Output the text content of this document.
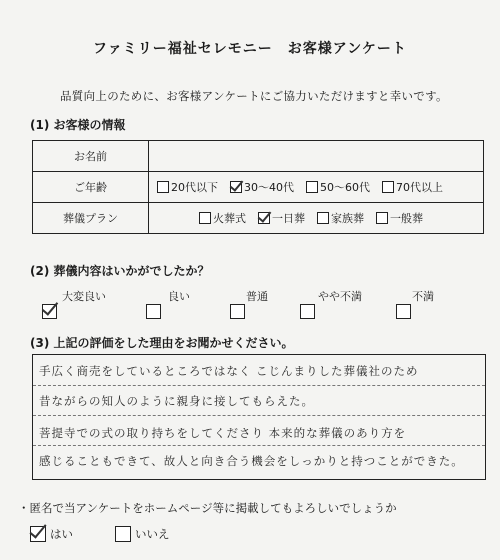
ファミリー福祉セレモニー　お客様アンケート
品質向上のために、お客様アンケートにご協力いただけますと幸いです。
(1) お客様の情報
お名前	
ご年齢	20代以下 30～40代 50～60代 70代以上

葬儀プラン	火葬式 一日葬 家族葬 一般葬
(2) 葬儀内容はいかがでしたか？
大変良い	良い	普通	やや不満	不満
(3) 上記の評価をした理由をお聞かせください。
手広く商売をしているところではなく こじんまりした葬儀社のため
昔ながらの知人のように親身に接してもらえた。
菩提寺での式の取り持ちをしてくださり 本来的な葬儀のあり方を
感じることもできて、故人と向き合う機会をしっかりと持つことができた。
・匿名で当アンケートをホームページ等に掲載してもよろしいでしょうか
はい	いいえ
